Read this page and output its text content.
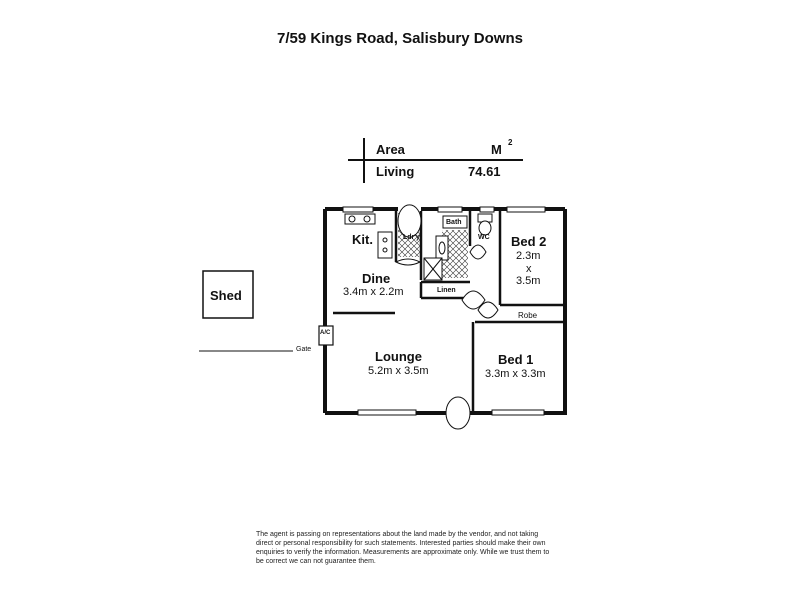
7/59 Kings Road, Salisbury Downs
Area	M 2
Living	74.61
Shed
Gate
Kit.	Ldr'y
Bath
WC Bed 2
2.3m
x
3.5m
Dine
3.4m x 2.2m	Linen
Robe
Lounge
5.2m x 3.5m
Bed 1
3.3m x 3.3m
A/C
The agent is passing on representations about the land made by the vendor, and not taking direct or personal responsibility for such statements. Interested parties should make their own enquiries to verify the information. Measurements are approximate only. While we trust them to be correct we can not guarantee them.
